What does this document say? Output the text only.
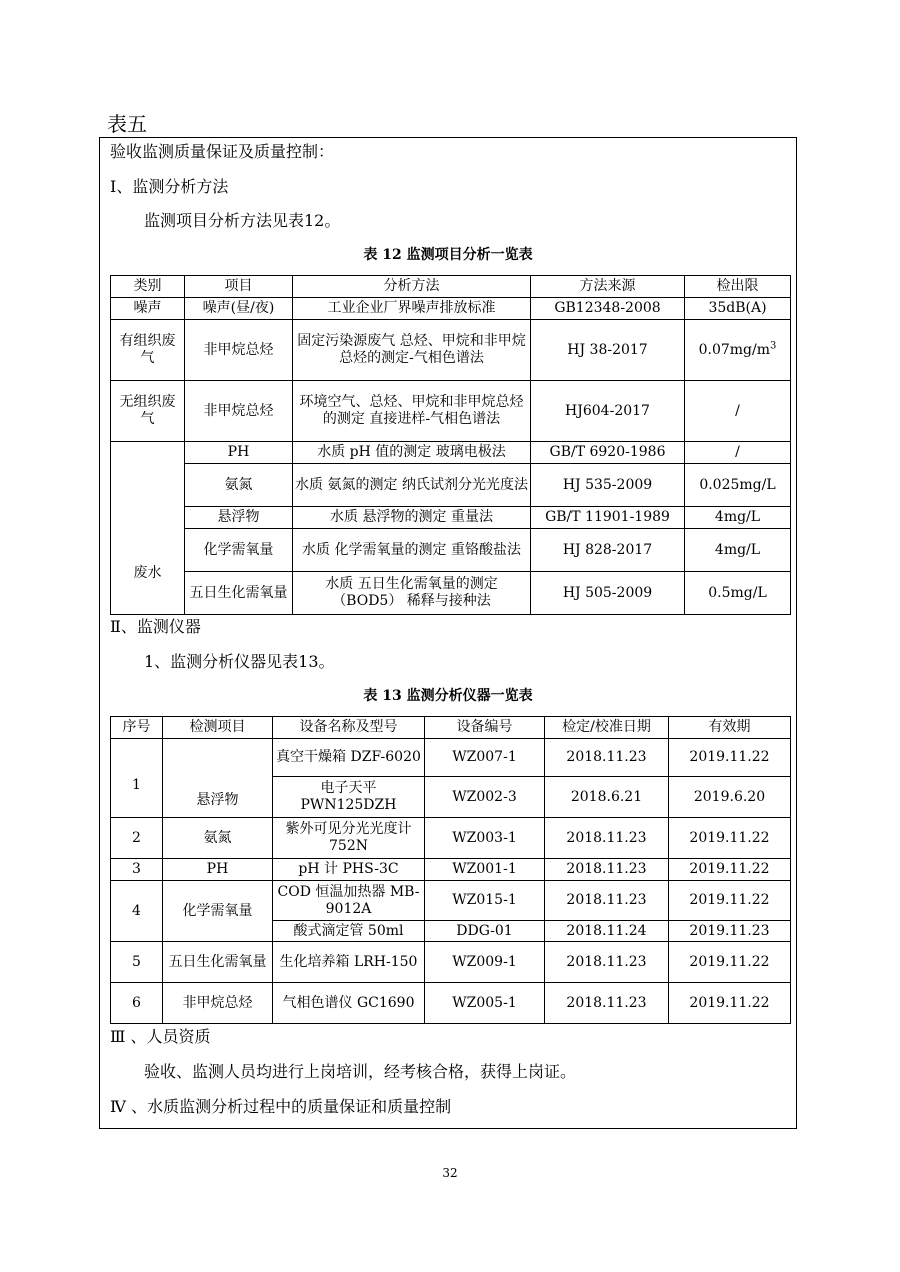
表五
验收监测质量保证及质量控制：
Ⅰ、监测分析方法
监测项目分析方法见表12。
表 12 监测项目分析一览表
类别	项目	分析方法	方法来源	检出限
噪声	噪声(昼/夜)	工业企业厂界噪声排放标准	GB12348-2008	35dB(A)
有组织废气	非甲烷总烃	固定污染源废气 总烃、甲烷和非甲烷总烃的测定-气相色谱法	HJ 38-2017	$0.07mg/m^3$
无组织废气	非甲烷总烃	环境空气、总烃、甲烷和非甲烷总烃的测定 直接进样-气相色谱法	HJ604-2017	/
废水	PH	水质 pH 值的测定 玻璃电极法	GB/T 6920-1986	/
	氨氮	水质 氨氮的测定 纳氏试剂分光光度法	HJ 535-2009	0.025mg/L
	悬浮物	水质 悬浮物的测定 重量法	GB/T 11901-1989	4mg/L
	化学需氧量	水质 化学需氧量的测定 重铬酸盐法	HJ 828-2017	4mg/L
	五日生化需氧量	水质 五日生化需氧量的测定（BOD5） 稀释与接种法	HJ 505-2009	0.5mg/L
Ⅱ、监测仪器
1、监测分析仪器见表13。
表 13 监测分析仪器一览表
序号	检测项目	设备名称及型号	设备编号	检定/校准日期	有效期
1	悬浮物	真空干燥箱 DZF-6020	WZ007-1	2018.11.23	2019.11.22
		电子天平 PWN125DZH	WZ002-3	2018.6.21	2019.6.20
2	氨氮	紫外可见分光光度计 752N	WZ003-1	2018.11.23	2019.11.22
3	PH	pH 计 PHS-3C	WZ001-1	2018.11.23	2019.11.22
4	化学需氧量	COD 恒温加热器 MB-9012A	WZ015-1	2018.11.23	2019.11.22
		酸式滴定管 50ml	DDG-01	2018.11.24	2019.11.23
5	五日生化需氧量	生化培养箱 LRH-150	WZ009-1	2018.11.23	2019.11.22
6	非甲烷总烃	气相色谱仪 GC1690	WZ005-1	2018.11.23	2019.11.22
Ⅲ 、人员资质
验收、监测人员均进行上岗培训，经考核合格，获得上岗证。
Ⅳ 、水质监测分析过程中的质量保证和质量控制
32
